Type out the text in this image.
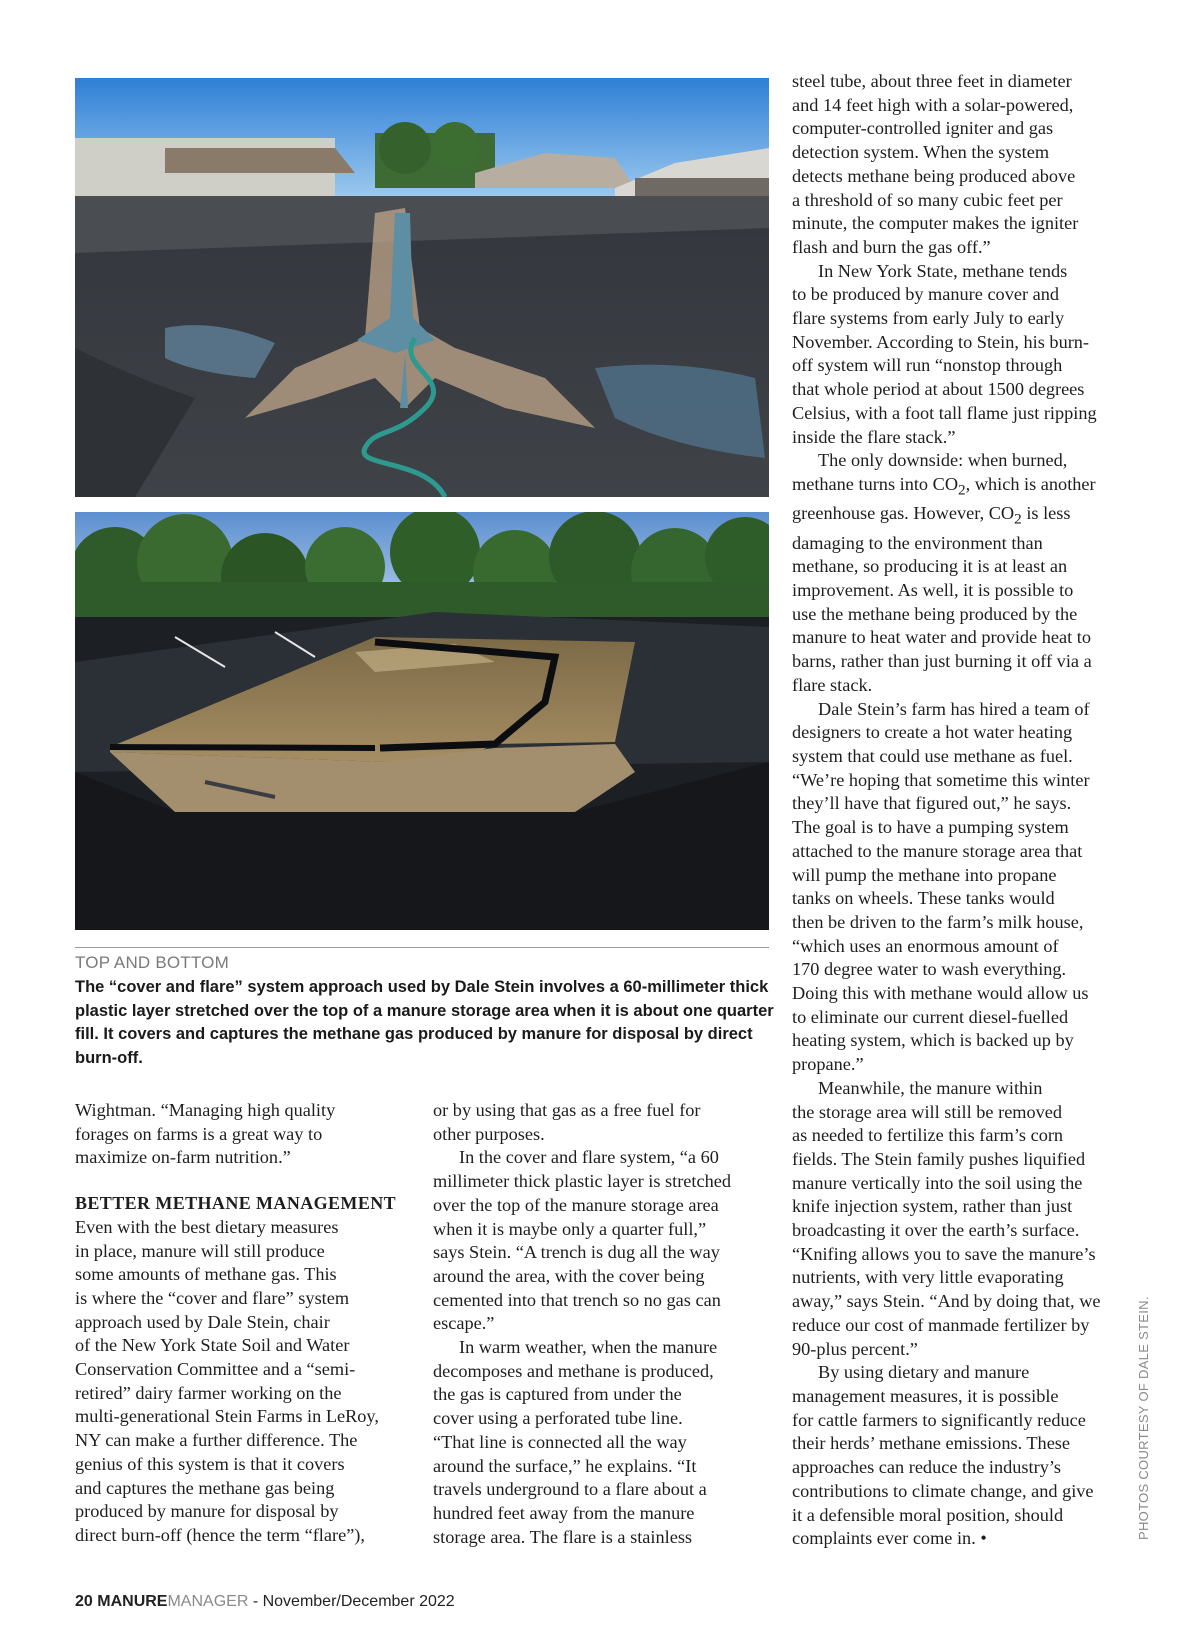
TOP AND BOTTOM
The “cover and flare” system approach used by Dale Stein involves a 60-millimeter thick plastic layer stretched over the top of a manure storage area when it is about one quarter fill. It covers and captures the methane gas produced by manure for disposal by direct burn-off.
Wightman. “Managing high quality
forages on farms is a great way to
maximize on-farm nutrition.”
BETTER METHANE MANAGEMENT
Even with the best dietary measures
in place, manure will still produce
some amounts of methane gas. This
is where the “cover and flare” system
approach used by Dale Stein, chair
of the New York State Soil and Water
Conservation Committee and a “semi-
retired” dairy farmer working on the
multi-generational Stein Farms in LeRoy,
NY can make a further difference. The
genius of this system is that it covers
and captures the methane gas being
produced by manure for disposal by
direct burn-off (hence the term “flare”),
or by using that gas as a free fuel for
other purposes.
In the cover and flare system, “a 60
millimeter thick plastic layer is stretched
over the top of the manure storage area
when it is maybe only a quarter full,”
says Stein. “A trench is dug all the way
around the area, with the cover being
cemented into that trench so no gas can
escape.”
In warm weather, when the manure
decomposes and methane is produced,
the gas is captured from under the
cover using a perforated tube line.
“That line is connected all the way
around the surface,” he explains. “It
travels underground to a flare about a
hundred feet away from the manure
storage area. The flare is a stainless
steel tube, about three feet in diameter
and 14 feet high with a solar-powered,
computer-controlled igniter and gas
detection system. When the system
detects methane being produced above
a threshold of so many cubic feet per
minute, the computer makes the igniter
flash and burn the gas off.”
In New York State, methane tends
to be produced by manure cover and
flare systems from early July to early
November. According to Stein, his burn-
off system will run “nonstop through
that whole period at about 1500 degrees
Celsius, with a foot tall flame just ripping
inside the flare stack.”
The only downside: when burned,
methane turns into $CO_2$, which is another
greenhouse gas. However, $CO_2$ is less
damaging to the environment than
methane, so producing it is at least an
improvement. As well, it is possible to
use the methane being produced by the
manure to heat water and provide heat to
barns, rather than just burning it off via a
flare stack.
Dale Stein’s farm has hired a team of
designers to create a hot water heating
system that could use methane as fuel.
“We’re hoping that sometime this winter
they’ll have that figured out,” he says.
The goal is to have a pumping system
attached to the manure storage area that
will pump the methane into propane
tanks on wheels. These tanks would
then be driven to the farm’s milk house,
“which uses an enormous amount of
170 degree water to wash everything.
Doing this with methane would allow us
to eliminate our current diesel-fuelled
heating system, which is backed up by
propane.”
Meanwhile, the manure within
the storage area will still be removed
as needed to fertilize this farm’s corn
fields. The Stein family pushes liquified
manure vertically into the soil using the
knife injection system, rather than just
broadcasting it over the earth’s surface.
“Knifing allows you to save the manure’s
nutrients, with very little evaporating
away,” says Stein. “And by doing that, we
reduce our cost of manmade fertilizer by
90-plus percent.”
By using dietary and manure
management measures, it is possible
for cattle farmers to significantly reduce
their herds’ methane emissions. These
approaches can reduce the industry’s
contributions to climate change, and give
it a defensible moral position, should
complaints ever come in. •	PHOTOS COURTESY OF DALE STEIN.
20 MANUREMANAGER - November/December 2022
